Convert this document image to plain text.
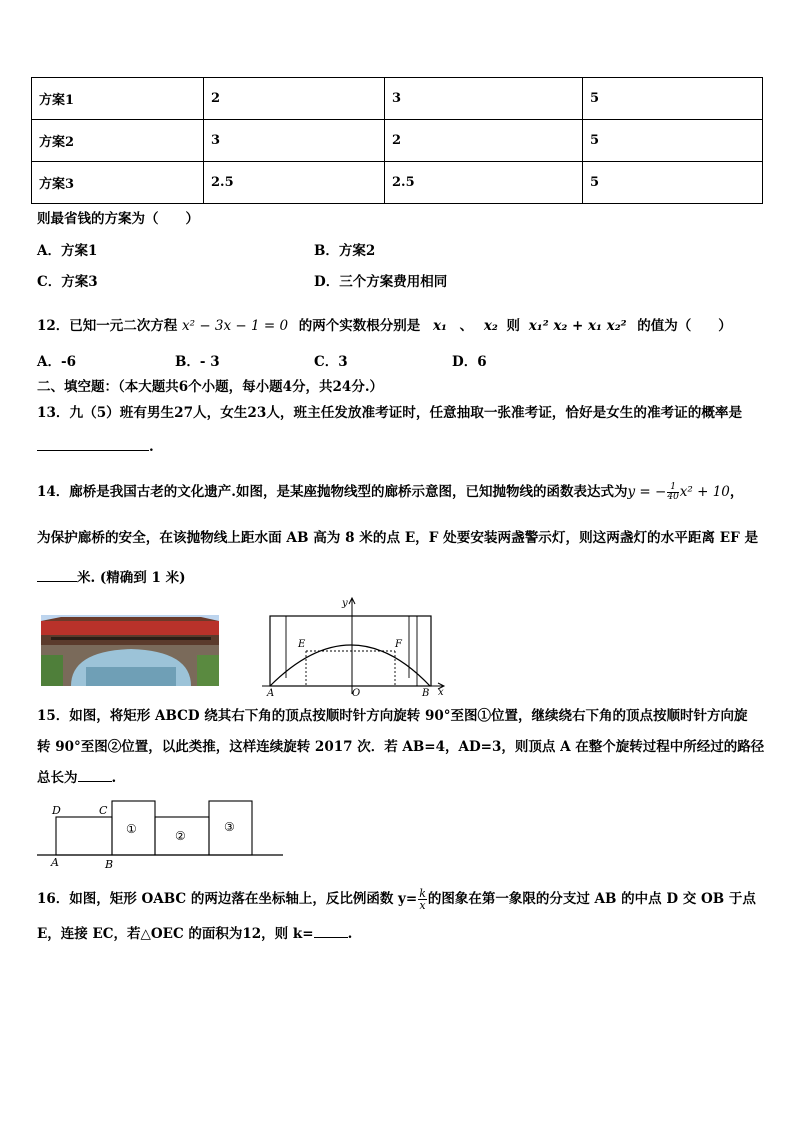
方案1	2	3	5
方案2	3	2	5
方案3	2.5	2.5	5
则最省钱的方案为（　　）
A．方案1	B．方案2
C．方案3	D．三个方案费用相同
12．已知一元二次方程 x² − 3x − 1 = 0 的两个实数根分别是 x₁ 、 x₂ 则 x₁² x₂ + x₁ x₂² 的值为（　　）
A．-6	B．- 3	C．3	D．6
二、填空题：（本大题共6个小题，每小题4分，共24分.）
13．九（5）班有男生27人，女生23人，班主任发放准考证时，任意抽取一张准考证，恰好是女生的准考证的概率是
.
14．廊桥是我国古老的文化遗产.如图，是某座抛物线型的廊桥示意图，已知抛物线的函数表达式为y = − $\frac{1}{40} x^2 + 10$，
为保护廊桥的安全，在该抛物线上距水面 AB 高为 8 米的点 E，F 处要安装两盏警示灯，则这两盏灯的水平距离 EF 是
米. (精确到 1 米)
y
x
E	F
A	O	B
15．如图，将矩形 ABCD 绕其右下角的顶点按顺时针方向旋转 90°至图①位置，继续绕右下角的顶点按顺时针方向旋
转 90°至图②位置，以此类推，这样连续旋转 2017 次．若 AB=4，AD=3，则顶点 A 在整个旋转过程中所经过的路径
总长为	.
D	C
A	B
①	②
③
16．如图，矩形 OABC 的两边落在坐标轴上，反比例函数 $y= \frac{k}{x}$ 的图象在第一象限的分支过 AB 的中点 D 交 OB 于点
E，连接 EC，若△OEC 的面积为12，则 k=	.
